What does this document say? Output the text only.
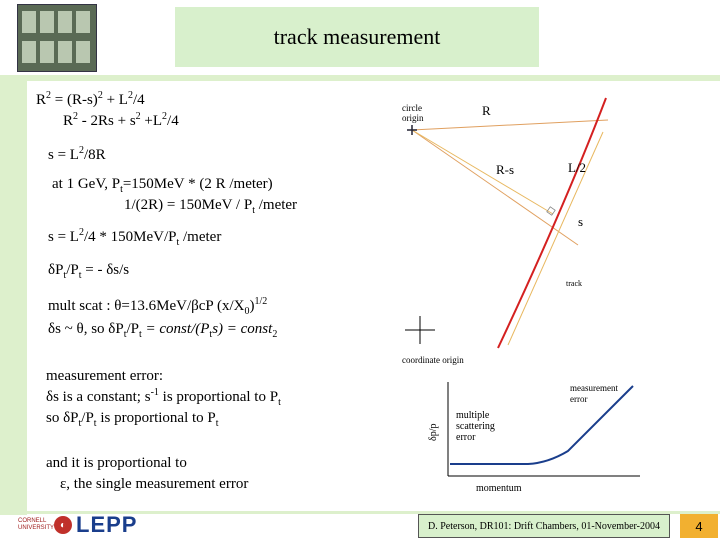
track measurement
$R^2 = (R-s)^2 + L^2/4$
$R^2 - 2Rs + s^2 +L^2/4$
$s = L^2/8R$
at 1 GeV, $P_t=150MeV * (2$ R /meter)
$1/(2R) = 150MeV / P_t$ /meter
$s = L^2/4 * 150MeV/P_t$ /meter
$\delta P_t/P_t$ = - δs/s
mult scat : θ=13.6MeV/βcP $(x/X_0)^{1/2}$
δs ~ θ, so $\delta P_t/P_t$ = const/$(P_ts)$ = const$_2$
measurement error:
δs is a constant; $s^{-1}$ is proportional to $P_t$
so $\delta P_t/P_t$ is proportional to $P_t$
and it is proportional to
ε, the single measurement error
circle
origin	R
R-s	L/2
s
track
coordinate origin
δp/p
momentum
multiple
scattering
error
measurement
error
CORNELL UNIVERSITY ◐ LEPP	D. Peterson, DR101: Drift Chambers, 01-November-2004	4
